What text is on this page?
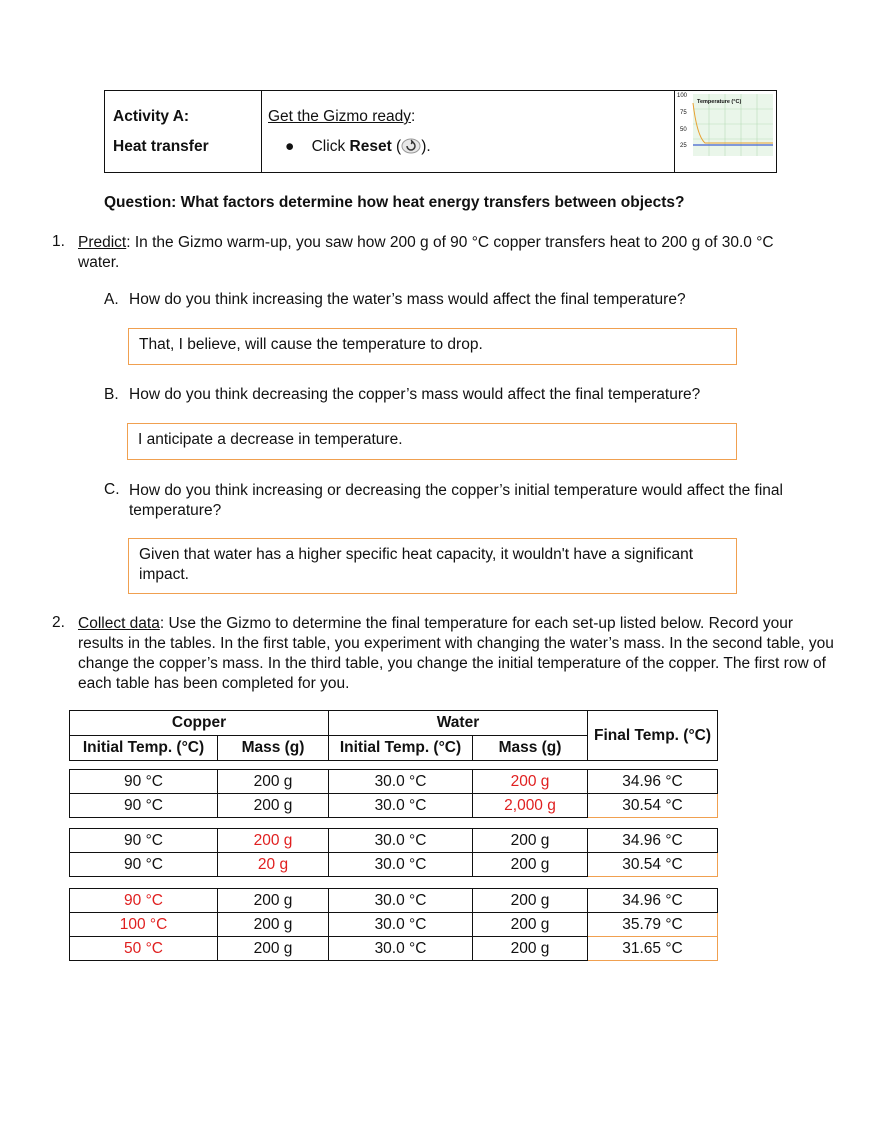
Activity A:
Heat transfer
Get the Gizmo ready:
● Click Reset ( ).
100
75
50
25
Temperature (°C)
Question: What factors determine how heat energy transfers between objects?
1. Predict: In the Gizmo warm-up, you saw how 200 g of 90 °C copper transfers heat to 200 g of 30.0 °C water.
A. How do you think increasing the water’s mass would affect the final temperature?
That, I believe, will cause the temperature to drop.
B. How do you think decreasing the copper’s mass would affect the final temperature?
I anticipate a decrease in temperature.
C. How do you think increasing or decreasing the copper’s initial temperature would affect the final temperature?
Given that water has a higher specific heat capacity, it wouldn't have a significant impact.
2. Collect data: Use the Gizmo to determine the final temperature for each set-up listed below. Record your results in the tables. In the first table, you experiment with changing the water’s mass. In the second table, you change the copper’s mass. In the third table, you change the initial temperature of the copper. The first row of each table has been completed for you.
Copper		Water		Final Temp. (°C)
Initial Temp. (°C)	Mass (g)	Initial Temp. (°C)	Mass (g)	
90 °C	200 g	30.0 °C	200 g	34.96 °C
90 °C	200 g	30.0 °C	2,000 g	30.54 °C
90 °C	200 g	30.0 °C	200 g	34.96 °C
90 °C	20 g	30.0 °C	200 g	30.54 °C
90 °C	200 g	30.0 °C	200 g	34.96 °C
100 °C	200 g	30.0 °C	200 g	35.79 °C
50 °C	200 g	30.0 °C	200 g	31.65 °C
